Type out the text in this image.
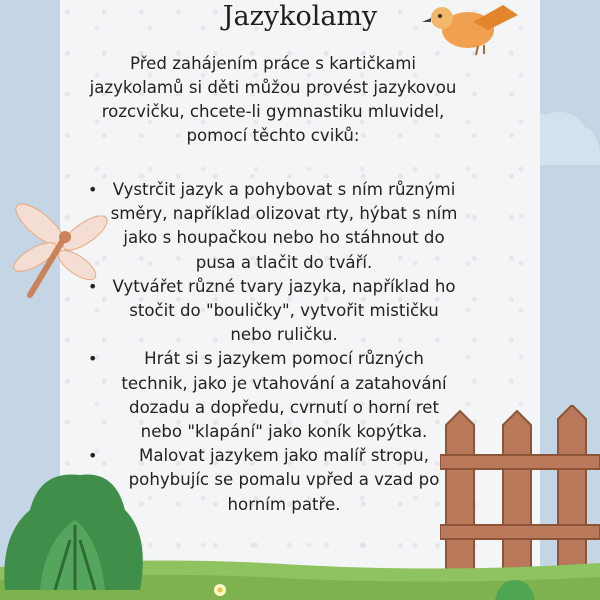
Jazykolamy
Před zahájením práce s kartičkami jazykolamů si děti můžou provést jazykovou rozcvičku, chcete-li gymnastiku mluvidel, pomocí těchto cviků:
• Vystrčit jazyk a pohybovat s ním různými směry, například olizovat rty, hýbat s ním jako s houpačkou nebo ho stáhnout do pusa a tlačit do tváří.
• Vytvářet různé tvary jazyka, například ho stočit do "bouličky", vytvořit mističku nebo ruličku.
•	Hrát si s jazykem pomocí různých technik, jako je vtahování a zatahování dozadu a dopředu, cvrnutí o horní ret nebo "klapání" jako koník kopýtka.
•	Malovat jazykem jako malíř stropu, pohybujíc se pomalu vpřed a vzad po horním patře.
